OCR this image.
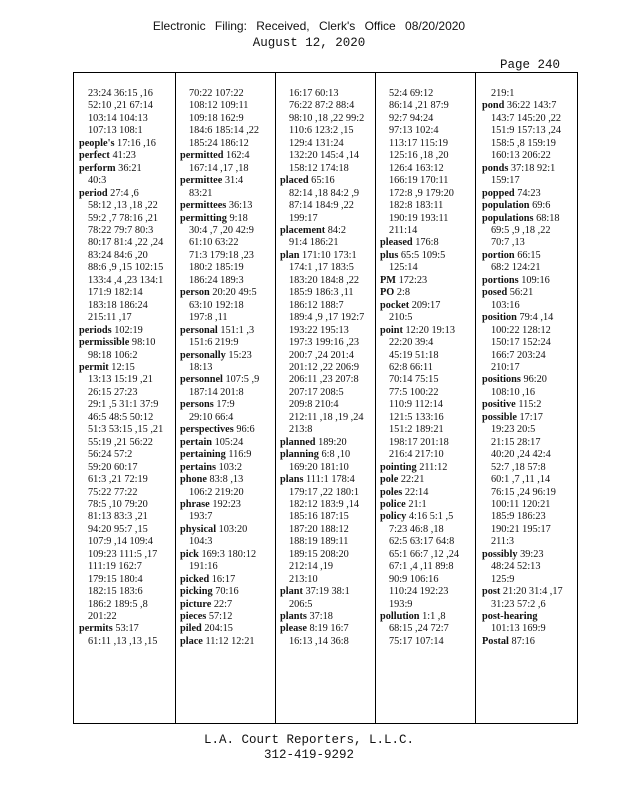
Electronic Filing: Received, Clerk's Office 08/20/2020
August 12, 2020
Page 240
23:24 36:15 ,16
52:10 ,21 67:14
103:14 104:13
107:13 108:1
people's 17:16 ,16
perfect 41:23
perform 36:21
40:3
period 27:4 ,6
58:12 ,13 ,18 ,22
59:2 ,7 78:16 ,21
78:22 79:7 80:3
80:17 81:4 ,22 ,24
83:24 84:6 ,20
88:6 ,9 ,15 102:15
133:4 ,4 ,23 134:1
171:9 182:14
183:18 186:24
215:11 ,17
periods 102:19
permissible 98:10
98:18 106:2
permit 12:15
13:13 15:19 ,21
26:15 27:23
29:1 ,5 31:1 37:9
46:5 48:5 50:12
51:3 53:15 ,15 ,21
55:19 ,21 56:22
56:24 57:2
59:20 60:17
61:3 ,21 72:19
75:22 77:22
78:5 ,10 79:20
81:13 83:3 ,21
94:20 95:7 ,15
107:9 ,14 109:4
109:23 111:5 ,17
111:19 162:7
179:15 180:4
182:15 183:6
186:2 189:5 ,8
201:22
permits 53:17
61:11 ,13 ,13 ,15
70:22 107:22
108:12 109:11
109:18 162:9
184:6 185:14 ,22
185:24 186:12
permitted 162:4
167:14 ,17 ,18
permittee 31:4
83:21
permittees 36:13
permitting 9:18
30:4 ,7 ,20 42:9
61:10 63:22
71:3 179:18 ,23
180:2 185:19
186:24 189:3
person 20:20 49:5
63:10 192:18
197:8 ,11
personal 151:1 ,3
151:6 219:9
personally 15:23
18:13
personnel 107:5 ,9
187:14 201:8
persons 17:9
29:10 66:4
perspectives 96:6
pertain 105:24
pertaining 116:9
pertains 103:2
phone 83:8 ,13
106:2 219:20
phrase 192:23
193:7
physical 103:20
104:3
pick 169:3 180:12
191:16
picked 16:17
picking 70:16
picture 22:7
pieces 57:12
piled 204:15
place 11:12 12:21
16:17 60:13
76:22 87:2 88:4
98:10 ,18 ,22 99:2
110:6 123:2 ,15
129:4 131:24
132:20 145:4 ,14
158:12 174:18
placed 65:16
82:14 ,18 84:2 ,9
87:14 184:9 ,22
199:17
placement 84:2
91:4 186:21
plan 171:10 173:1
174:1 ,17 183:5
183:20 184:8 ,22
185:9 186:3 ,11
186:12 188:7
189:4 ,9 ,17 192:7
193:22 195:13
197:3 199:16 ,23
200:7 ,24 201:4
201:12 ,22 206:9
206:11 ,23 207:8
207:17 208:5
209:8 210:4
212:11 ,18 ,19 ,24
213:8
planned 189:20
planning 6:8 ,10
169:20 181:10
plans 111:1 178:4
179:17 ,22 180:1
182:12 183:9 ,14
185:16 187:15
187:20 188:12
188:19 189:11
189:15 208:20
212:14 ,19
213:10
plant 37:19 38:1
206:5
plants 37:18
please 8:19 16:7
16:13 ,14 36:8
52:4 69:12
86:14 ,21 87:9
92:7 94:24
97:13 102:4
113:17 115:19
125:16 ,18 ,20
126:4 163:12
166:19 170:11
172:8 ,9 179:20
182:8 183:11
190:19 193:11
211:14
pleased 176:8
plus 65:5 109:5
125:14
PM 172:23
PO 2:8
pocket 209:17
210:5
point 12:20 19:13
22:20 39:4
45:19 51:18
62:8 66:11
70:14 75:15
77:5 100:22
110:9 112:14
121:5 133:16
151:2 189:21
198:17 201:18
216:4 217:10
pointing 211:12
pole 22:21
poles 22:14
police 21:1
policy 4:16 5:1 ,5
7:23 46:8 ,18
62:5 63:17 64:8
65:1 66:7 ,12 ,24
67:1 ,4 ,11 89:8
90:9 106:16
110:24 192:23
193:9
pollution 1:1 ,8
68:15 ,24 72:7
75:17 107:14
219:1
pond 36:22 143:7
143:7 145:20 ,22
151:9 157:13 ,24
158:5 ,8 159:19
160:13 206:22
ponds 37:18 92:1
159:17
popped 74:23
population 69:6
populations 68:18
69:5 ,9 ,18 ,22
70:7 ,13
portion 66:15
68:2 124:21
portions 109:16
posed 56:21
103:16
position 79:4 ,14
100:22 128:12
150:17 152:24
166:7 203:24
210:17
positions 96:20
108:10 ,16
positive 115:2
possible 17:17
19:23 20:5
21:15 28:17
40:20 ,24 42:4
52:7 ,18 57:8
60:1 ,7 ,11 ,14
76:15 ,24 96:19
100:11 120:21
185:9 186:23
190:21 195:17
211:3
possibly 39:23
48:24 52:13
125:9
post 21:20 31:4 ,17
31:23 57:2 ,6
post-hearing
101:13 169:9
Postal 87:16
L.A. Court Reporters, L.L.C.
312-419-9292
